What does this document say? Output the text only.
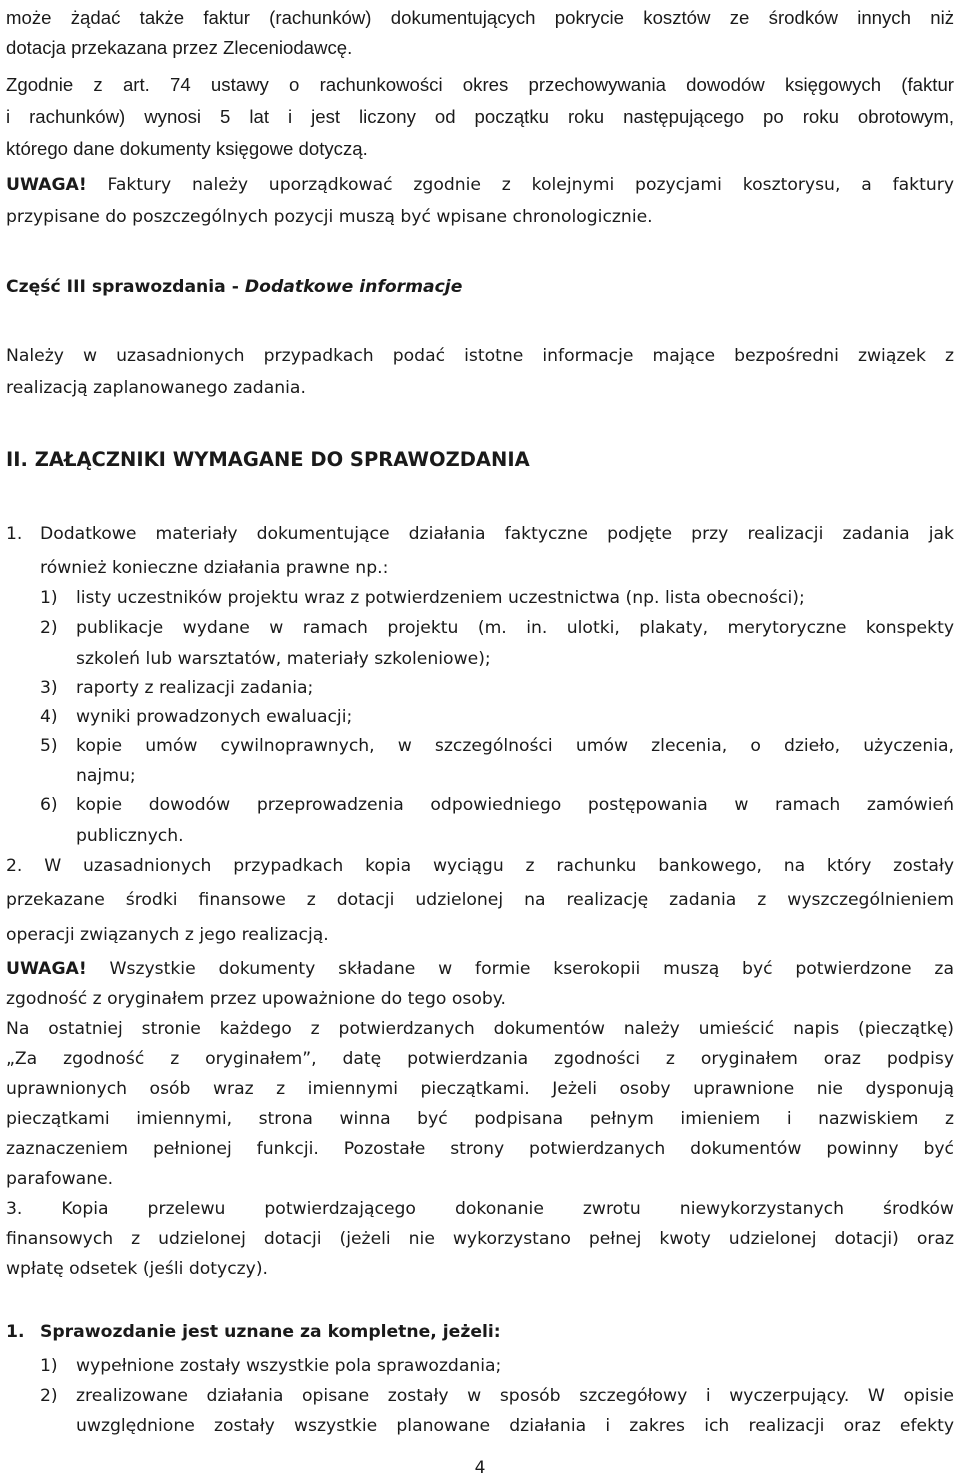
może żądać także faktur (rachunków) dokumentujących pokrycie kosztów ze środków innych niż
dotacja przekazana przez Zleceniodawcę.
Zgodnie z art. 74 ustawy o rachunkowości okres przechowywania dowodów księgowych (faktur
i rachunków) wynosi 5 lat i jest liczony od początku roku następującego po roku obrotowym,
którego dane dokumenty księgowe dotyczą.
UWAGA! Faktury należy uporządkować zgodnie z kolejnymi pozycjami kosztorysu, a faktury
przypisane do poszczególnych pozycji muszą być wpisane chronologicznie.
Część III sprawozdania - Dodatkowe informacje
Należy w uzasadnionych przypadkach podać istotne informacje mające bezpośredni związek z
realizacją zaplanowanego zadania.
II. ZAŁĄCZNIKI WYMAGANE DO SPRAWOZDANIA
1.	Dodatkowe materiały dokumentujące działania faktyczne podjęte przy realizacji zadania jak
również konieczne działania prawne np.:
1)	listy uczestników projektu wraz z potwierdzeniem uczestnictwa (np. lista obecności);
2)	publikacje wydane w ramach projektu (m. in. ulotki, plakaty, merytoryczne konspekty
szkoleń lub warsztatów, materiały szkoleniowe);
3)	raporty z realizacji zadania;
4)	wyniki prowadzonych ewaluacji;
5)	kopie umów cywilnoprawnych, w szczególności umów zlecenia, o dzieło, użyczenia,
najmu;
6)	kopie dowodów przeprowadzenia odpowiedniego postępowania w ramach zamówień
publicznych.
2. W uzasadnionych przypadkach kopia wyciągu z rachunku bankowego, na który zostały
przekazane środki finansowe z dotacji udzielonej na realizację zadania z wyszczególnieniem
operacji związanych z jego realizacją.
UWAGA! Wszystkie dokumenty składane w formie kserokopii muszą być potwierdzone za
zgodność z oryginałem przez upoważnione do tego osoby.
Na ostatniej stronie każdego z potwierdzanych dokumentów należy umieścić napis (pieczątkę)
„Za zgodność z oryginałem”, datę potwierdzania zgodności z oryginałem oraz podpisy
uprawnionych osób wraz z imiennymi pieczątkami. Jeżeli osoby uprawnione nie dysponują
pieczątkami imiennymi, strona winna być podpisana pełnym imieniem i nazwiskiem z
zaznaczeniem pełnionej funkcji. Pozostałe strony potwierdzanych dokumentów powinny być
parafowane.
3. Kopia przelewu potwierdzającego dokonanie zwrotu niewykorzystanych środków
finansowych z udzielonej dotacji (jeżeli nie wykorzystano pełnej kwoty udzielonej dotacji) oraz
wpłatę odsetek (jeśli dotyczy).
1. Sprawozdanie jest uznane za kompletne, jeżeli:
1)	wypełnione zostały wszystkie pola sprawozdania;
2)	zrealizowane działania opisane zostały w sposób szczegółowy i wyczerpujący. W opisie
uwzględnione zostały wszystkie planowane działania i zakres ich realizacji oraz efekty
4
